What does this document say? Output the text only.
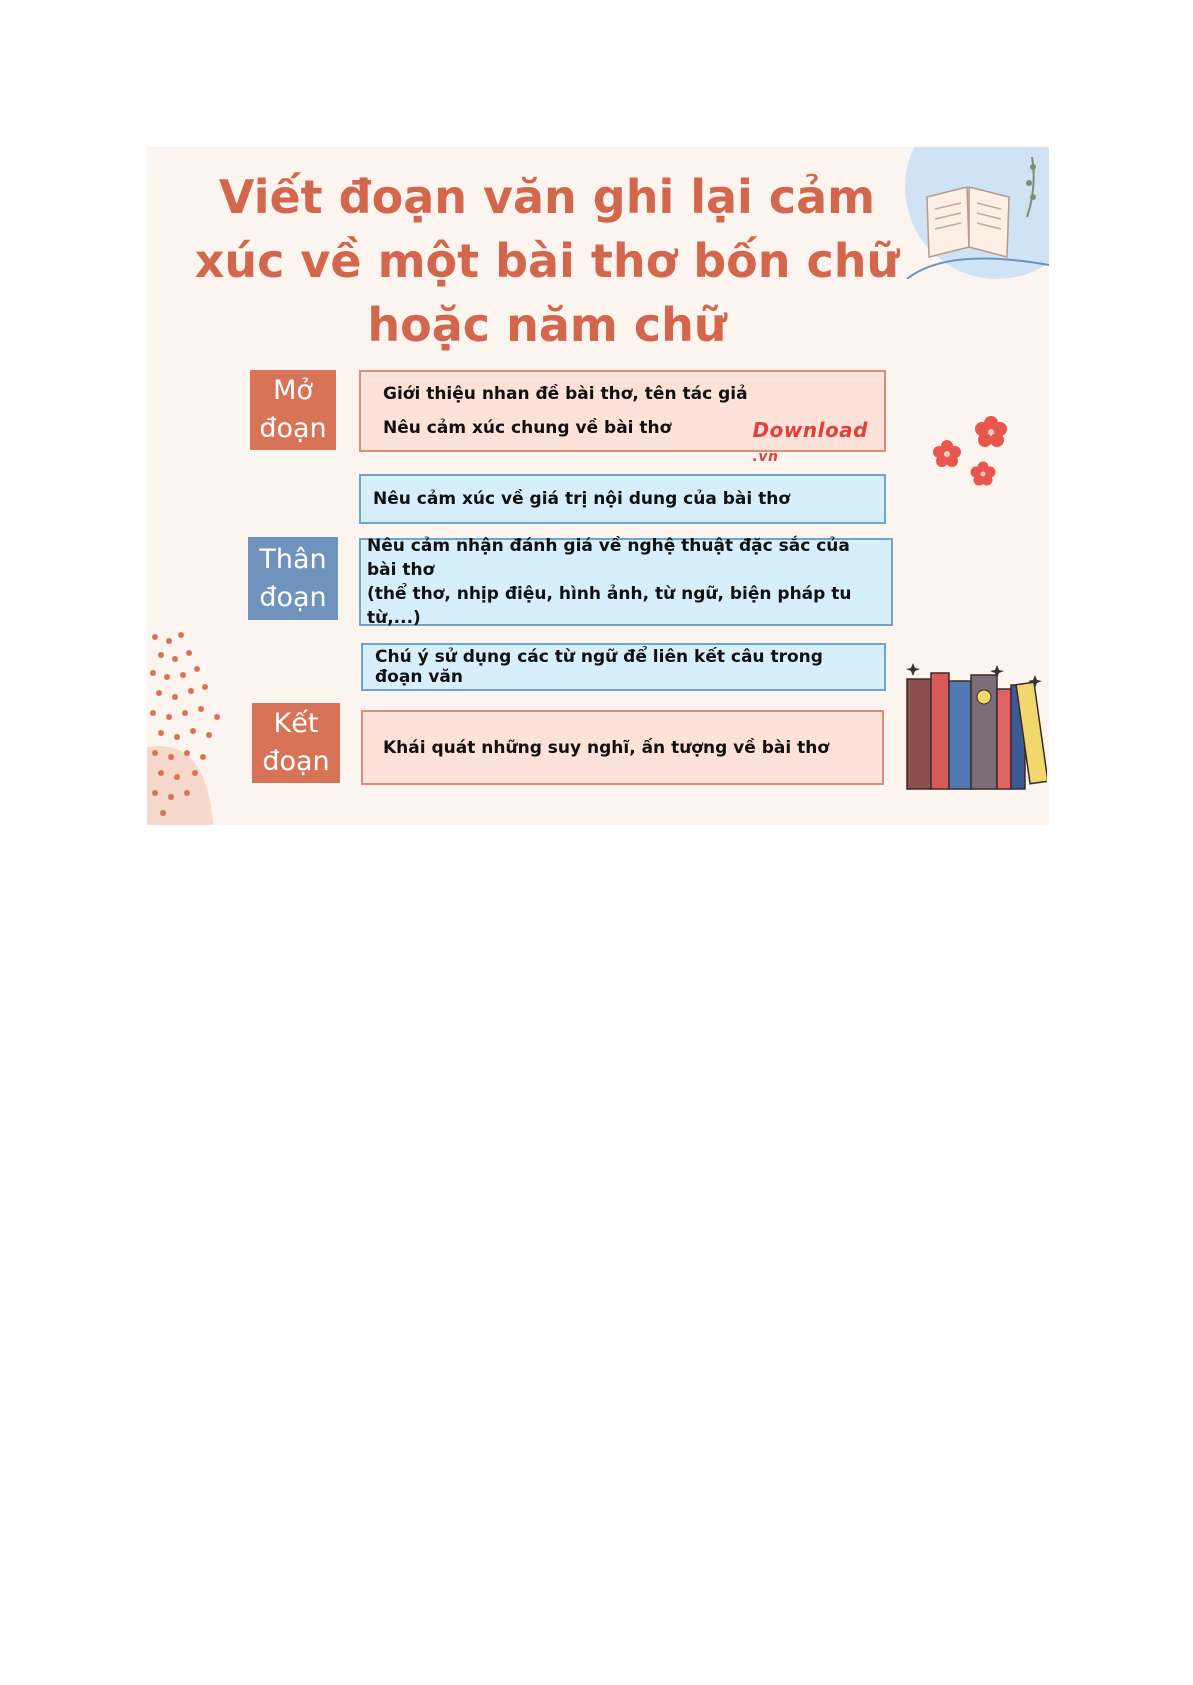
Viết đoạn văn ghi lại cảm
xúc về một bài thơ bốn chữ
hoặc năm chữ
Mở
đoạn
Giới thiệu nhan đề bài thơ, tên tác giả
Nêu cảm xúc chung về bài thơ	Download
.vn
Nêu cảm xúc về giá trị nội dung của bài thơ
Thân
đoạn
Nêu cảm nhận đánh giá về nghệ thuật đặc sắc của bài thơ
(thể thơ, nhịp điệu, hình ảnh, từ ngữ, biện pháp tu từ,...)
Chú ý sử dụng các từ ngữ để liên kết câu trong đoạn văn
Kết
đoạn	Khái quát những suy nghĩ, ấn tượng về bài thơ
